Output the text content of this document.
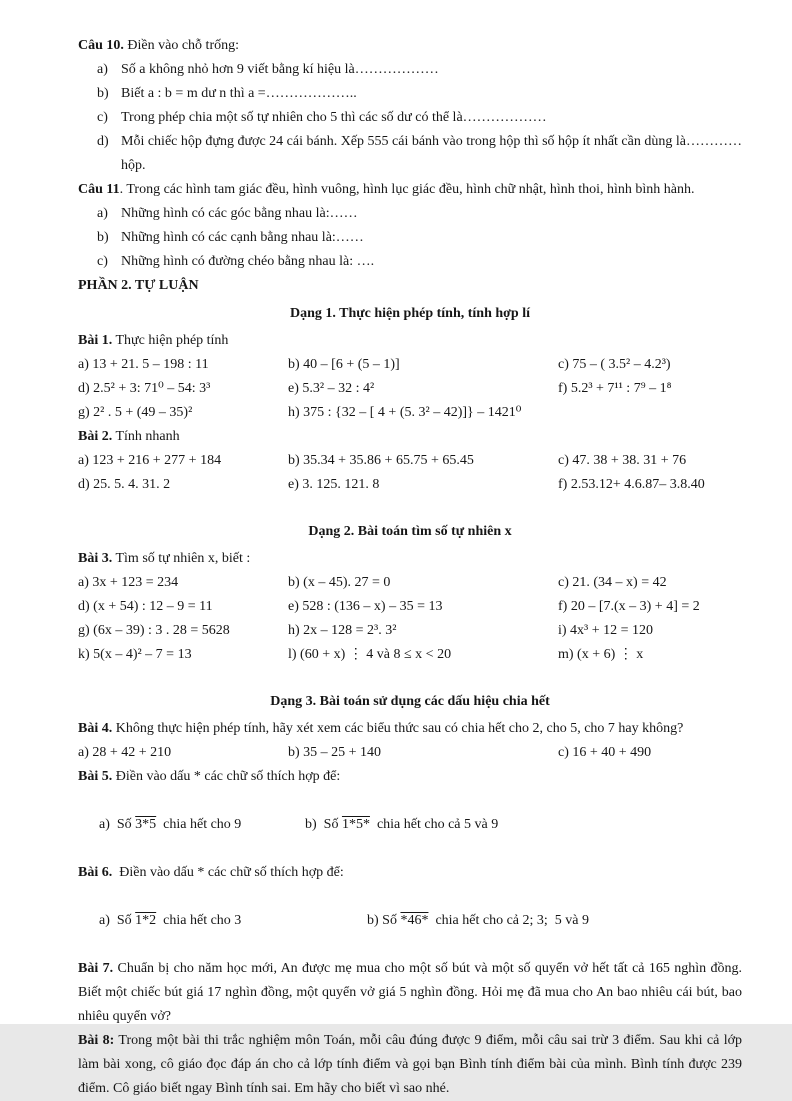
Câu 10. Điền vào chỗ trống:
a) Số a không nhỏ hơn 9 viết bằng kí hiệu là………………
b) Biết a : b = m dư n thì a =………………..
c) Trong phép chia một số tự nhiên cho 5 thì các số dư có thể là………………
d) Mỗi chiếc hộp đựng được 24 cái bánh. Xếp 555 cái bánh vào trong hộp thì số hộp ít nhất cần dùng là…………hộp.
Câu 11. Trong các hình tam giác đều, hình vuông, hình lục giác đều, hình chữ nhật, hình thoi, hình bình hành.
a) Những hình có các góc bằng nhau là:……
b) Những hình có các cạnh bằng nhau là:……
c) Những hình có đường chéo bằng nhau là: ….
PHẦN 2. TỰ LUẬN
Dạng 1. Thực hiện phép tính, tính hợp lí
Bài 1. Thực hiện phép tính
a) 13 + 21. 5 – 198 : 11	b) 40 – [6 + (5 – 1)]	c) 75 – ( 3.5² – 4.2³)
d) 2.5² + 3: 71⁰ – 54: 3³	e) 5.3² – 32 : 4²	f) 5.2³ + 7¹¹ : 7⁹ – 1⁸
g) 2² . 5 + (49 – 35)²	h) 375 : {32 – [ 4 + (5. 3² – 42)]} – 1421⁰
Bài 2. Tính nhanh
a) 123 + 216 + 277 + 184	b) 35.34 + 35.86 + 65.75 + 65.45	c) 47. 38 + 38. 31 + 76
d) 25. 5. 4. 31. 2	e) 3. 125. 121. 8	f) 2.53.12+ 4.6.87– 3.8.40
Dạng 2. Bài toán tìm số tự nhiên x
Bài 3. Tìm số tự nhiên x, biết :
a) 3x + 123 = 234	b) (x – 45). 27 = 0	c) 21. (34 – x) = 42
d) (x + 54) : 12 – 9 = 11	e) 528 : (136 – x) – 35 = 13	f) 20 – [7.(x – 3) + 4] = 2
g) (6x – 39) : 3 . 28 = 5628	h) 2x – 128 = 2³. 3²	i) 4x³ + 12 = 120
k) 5(x – 4)² – 7 = 13	l) (60 + x) ⋮ 4 và 8 ≤ x < 20	m) (x + 6) ⋮ x
Dạng 3. Bài toán sử dụng các dấu hiệu chia hết
Bài 4. Không thực hiện phép tính, hãy xét xem các biểu thức sau có chia hết cho 2, cho 5, cho 7 hay không?
a) 28 + 42 + 210	b) 35 – 25 + 140	c) 16 + 40 + 490
Bài 5. Điền vào dấu * các chữ số thích hợp để:

a)  Số 3*5  chia hết cho 9
	b)  Số 1*5*  chia hết cho cả 5 và 9

Bài 6.  Điền vào dấu * các chữ số thích hợp để:

a)  Số 1*2  chia hết cho 3
	b) Số *46*  chia hết cho cả 2; 3;  5 và 9

Bài 7. Chuẩn bị cho năm học mới, An được mẹ mua cho một số bút và một số quyển vở hết tất cả 165 nghìn đồng. Biết một chiếc bút giá 17 nghìn đồng, một quyển vở giá 5 nghìn đồng. Hỏi mẹ đã mua cho An bao nhiêu cái bút, bao nhiêu quyển vở?
Bài 8: Trong một bài thi trắc nghiệm môn Toán, mỗi câu đúng được 9 điểm, mỗi câu sai trừ 3 điểm. Sau khi cả lớp làm bài xong, cô giáo đọc đáp án cho cả lớp tính điểm và gọi bạn Bình tính điểm bài của mình. Bình tính được 239 điểm. Cô giáo biết ngay Bình tính sai. Em hãy cho biết vì sao nhé.
